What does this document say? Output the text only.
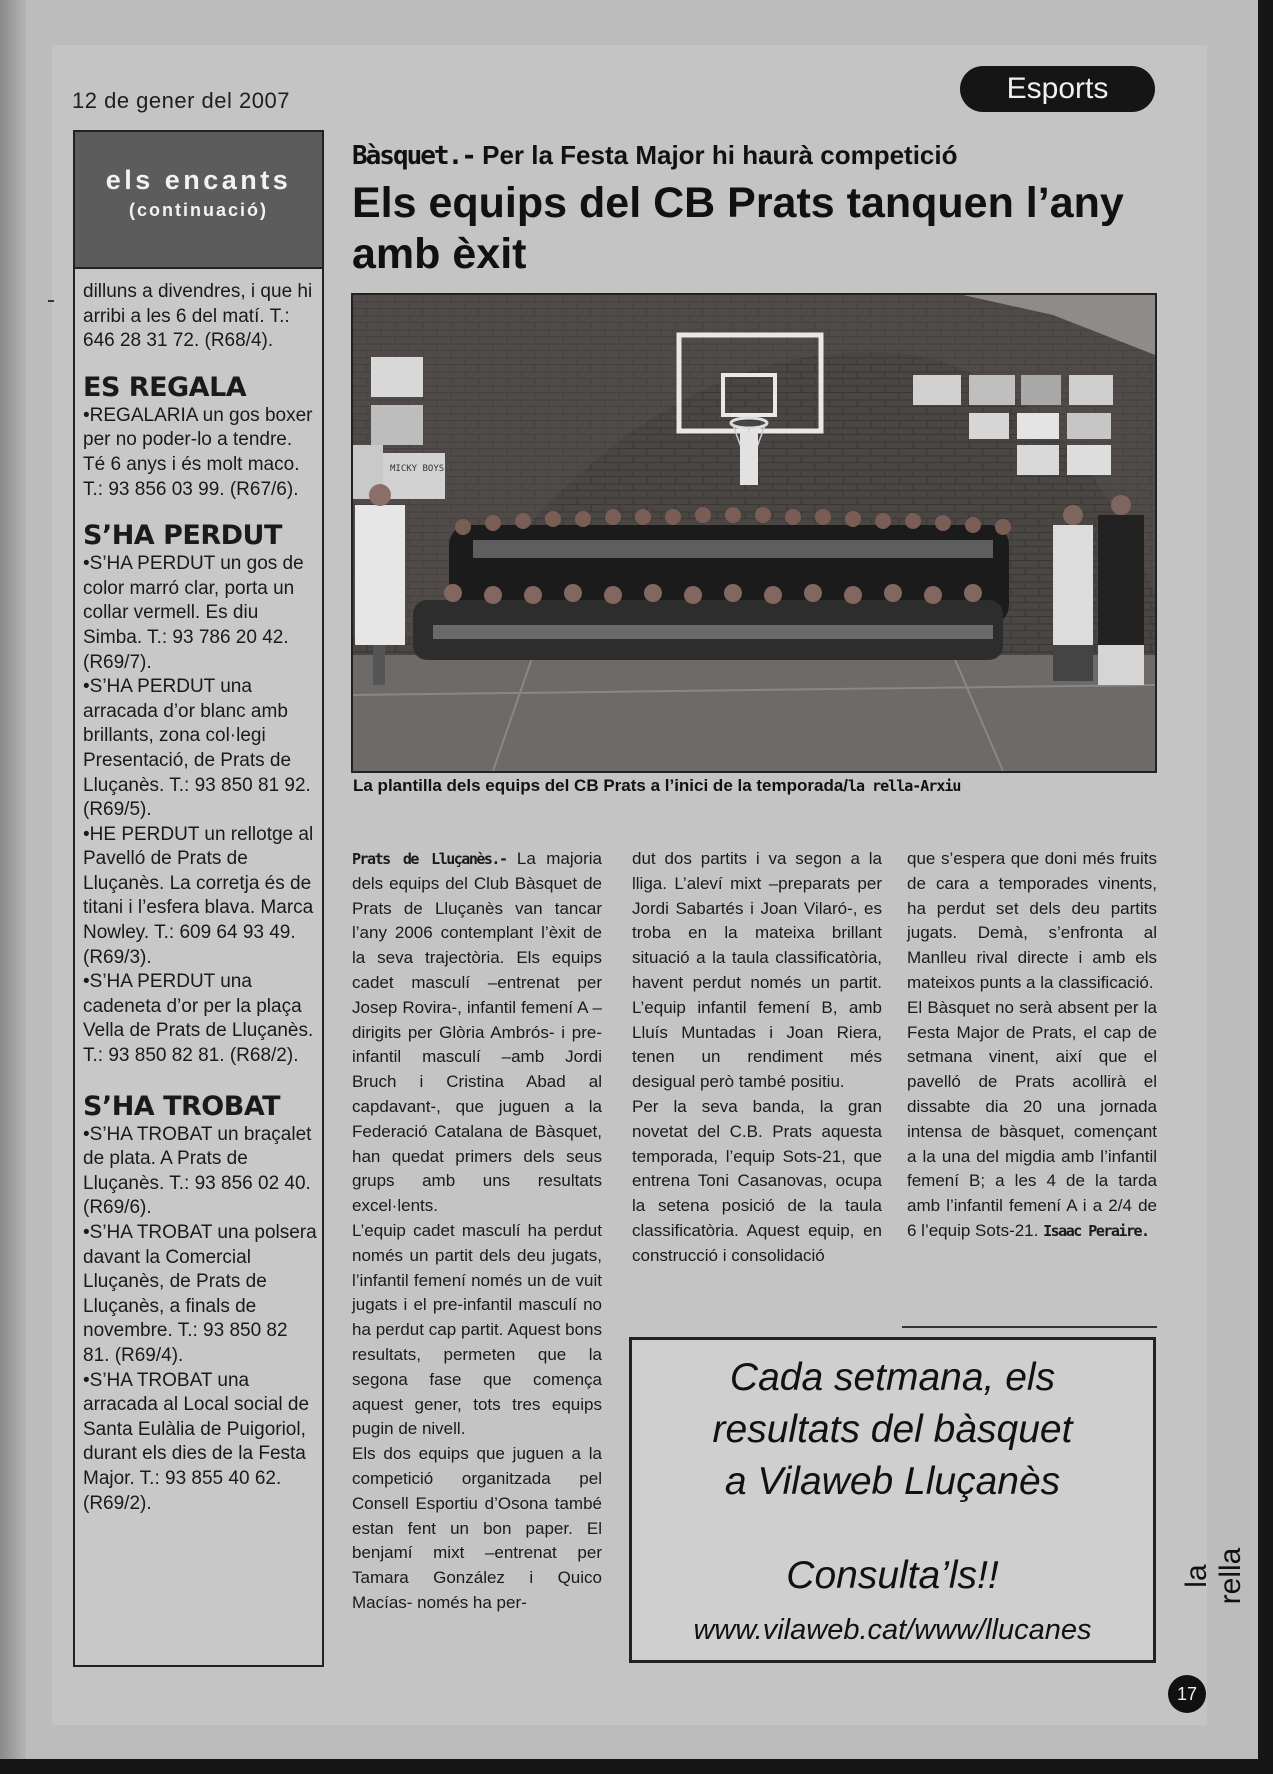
12 de gener del 2007	Esports
els encants
(continuació)

dilluns a divendres, i que hi arribi a les 6 del matí. T.: 646 28 31 72. (R68/4).

ES REGALA

•REGALARIA un gos boxer per no poder-lo a tendre. Té 6 anys i és molt maco. T.: 93 856 03 99. (R67/6).

S’HA PERDUT

•S’HA PERDUT un gos de color marró clar, porta un collar vermell. Es diu Simba. T.: 93 786 20 42. (R69/7).

•S’HA PERDUT una arracada d’or blanc amb brillants, zona col·legi Presentació, de Prats de Lluçanès. T.: 93 850 81 92. (R69/5).

•HE PERDUT un rellotge al Pavelló de Prats de Lluçanès. La corretja és de titani i l’esfera blava. Marca Nowley. T.: 609 64 93 49. (R69/3).

•S’HA PERDUT una cadeneta d’or per la plaça Vella de Prats de Lluçanès. T.: 93 850 82 81. (R68/2).

S’HA TROBAT

•S’HA TROBAT un braçalet de plata. A Prats de Lluçanès. T.: 93 856 02 40. (R69/6).

•S’HA TROBAT una polsera davant la Comercial Lluçanès, de Prats de Lluçanès, a finals de novembre. T.: 93 850 82 81. (R69/4).

•S’HA TROBAT una arracada al Local social de Santa Eulàlia de Puigoriol, durant els dies de la Festa Major. T.: 93 855 40 62. (R69/2).

Bàsquet.- Per la Festa Major hi haurà competició
Els equips del CB Prats tanquen l’any amb èxit
MICKY BOYS
La plantilla dels equips del CB Prats a l’inici de la temporada/la rella-Arxiu

Prats de Lluçanès.- La majoria dels equips del Club Bàsquet de Prats de Lluçanès van tancar l’any 2006 contemplant l’èxit de la seva trajectòria. Els equips cadet masculí –entrenat per Josep Rovira-, infantil femení A –dirigits per Glòria Ambrós- i pre-infantil masculí –amb Jordi Bruch i Cristina Abad al capdavant-, que juguen a la Federació Catalana de Bàsquet, han quedat primers dels seus grups amb uns resultats excel·lents.

L’equip cadet masculí ha perdut només un partit dels deu jugats, l’infantil femení només un de vuit jugats i el pre-infantil masculí no ha perdut cap partit. Aquest bons resultats, permeten que la segona fase que comença aquest gener, tots tres equips pugin de nivell.

Els dos equips que juguen a la competició organitzada pel Consell Esportiu d’Osona també estan fent un bon paper. El benjamí mixt –entrenat per Tamara González i Quico Macías- només ha per-

dut dos partits i va segon a la lliga. L’aleví mixt –preparats per Jordi Sabartés i Joan Vilaró-, es troba en la mateixa brillant situació a la taula classificatòria, havent perdut només un partit. L’equip infantil femení B, amb Lluís Muntadas i Joan Riera, tenen un rendiment més desigual però també positiu.

Per la seva banda, la gran novetat del C.B. Prats aquesta temporada, l’equip Sots-21, que entrena Toni Casanovas, ocupa la setena posició de la taula classificatòria. Aquest equip, en construcció i consolidació

que s’espera que doni més fruits de cara a temporades vinents, ha perdut set dels deu partits jugats. Demà, s’enfronta al Manlleu rival directe i amb els mateixos punts a la classificació.

El Bàsquet no serà absent per la Festa Major de Prats, el cap de setmana vinent, així que el pavelló de Prats acollirà el dissabte dia 20 una jornada intensa de bàsquet, començant a la una del migdia amb l’infantil femení B; a les 4 de la tarda amb l’infantil femení A i a 2/4 de 6 l’equip Sots-21. Isaac Peraire.

Cada setmana, els
resultats del bàsquet
a Vilaweb Lluçanès
Consulta’ls!!
www.vilaweb.cat/www/llucanes
la rella
17
